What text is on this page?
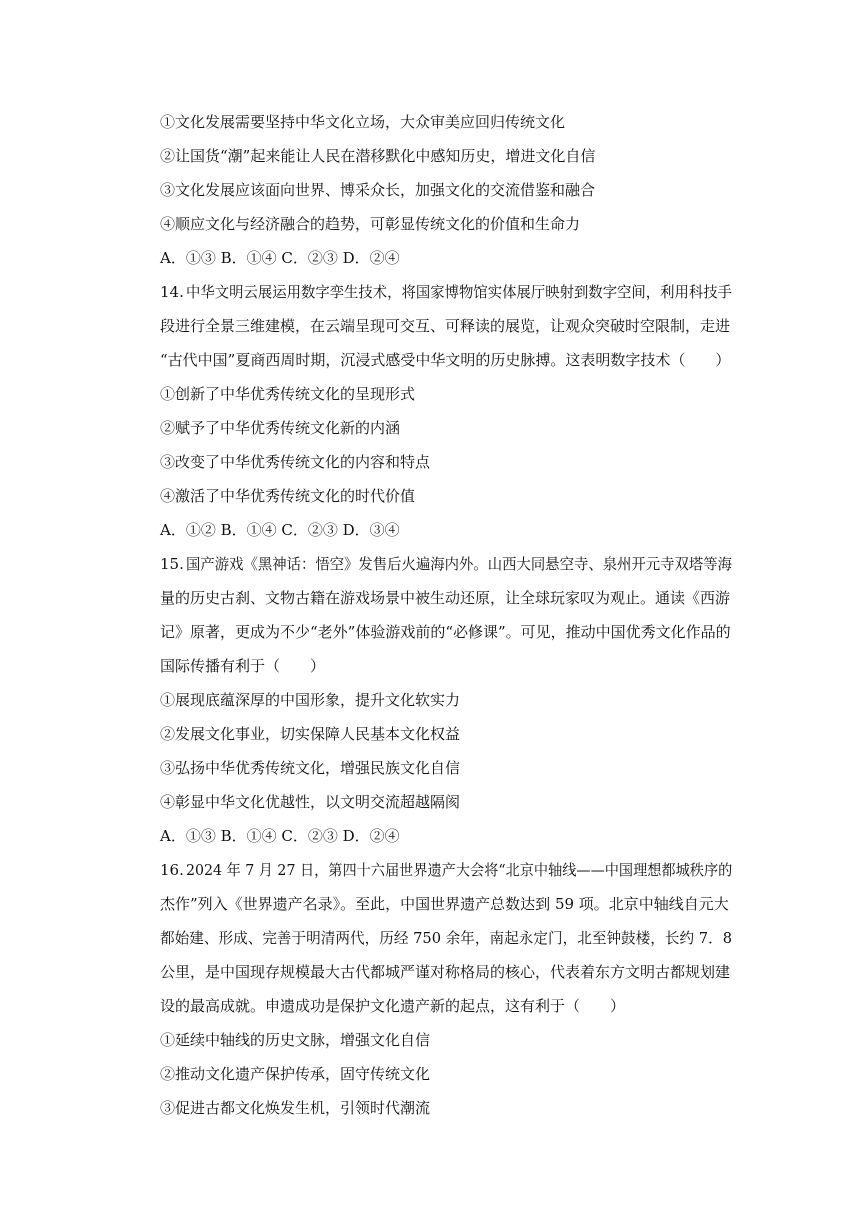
①文化发展需要坚持中华文化立场，大众审美应回归传统文化
②让国货“潮”起来能让人民在潜移默化中感知历史，增进文化自信
③文化发展应该面向世界、博采众长，加强文化的交流借鉴和融合
④顺应文化与经济融合的趋势，可彰显传统文化的价值和生命力
A．①③ B．①④ C．②③ D．②④
14. 中华文明云展运用数字孪生技术，将国家博物馆实体展厅映射到数字空间，利用科技手
段进行全景三维建模，在云端呈现可交互、可释读的展览，让观众突破时空限制，走进
“古代中国”夏商西周时期，沉浸式感受中华文明的历史脉搏。这表明数字技术（　　）
①创新了中华优秀传统文化的呈现形式
②赋予了中华优秀传统文化新的内涵
③改变了中华优秀传统文化的内容和特点
④激活了中华优秀传统文化的时代价值
A．①② B．①④ C．②③ D．③④
15. 国产游戏《黑神话：悟空》发售后火遍海内外。山西大同悬空寺、泉州开元寺双塔等海
量的历史古刹、文物古籍在游戏场景中被生动还原，让全球玩家叹为观止。通读《西游
记》原著，更成为不少“老外”体验游戏前的“必修课”。可见，推动中国优秀文化作品的
国际传播有利于（　　）
①展现底蕴深厚的中国形象，提升文化软实力
②发展文化事业，切实保障人民基本文化权益
③弘扬中华优秀传统文化，增强民族文化自信
④彰显中华文化优越性，以文明交流超越隔阂
A．①③ B．①④ C．②③ D．②④
16. 2024 年 7 月 27 日，第四十六届世界遗产大会将“北京中轴线——中国理想都城秩序的
杰作”列入《世界遗产名录》。至此，中国世界遗产总数达到 59 项。北京中轴线自元大
都始建、形成、完善于明清两代，历经 750 余年，南起永定门，北至钟鼓楼，长约 7．8
公里，是中国现存规模最大古代都城严谨对称格局的核心，代表着东方文明古都规划建
设的最高成就。申遗成功是保护文化遗产新的起点，这有利于（　　）
①延续中轴线的历史文脉，增强文化自信
②推动文化遗产保护传承，固守传统文化
③促进古都文化焕发生机，引领时代潮流
